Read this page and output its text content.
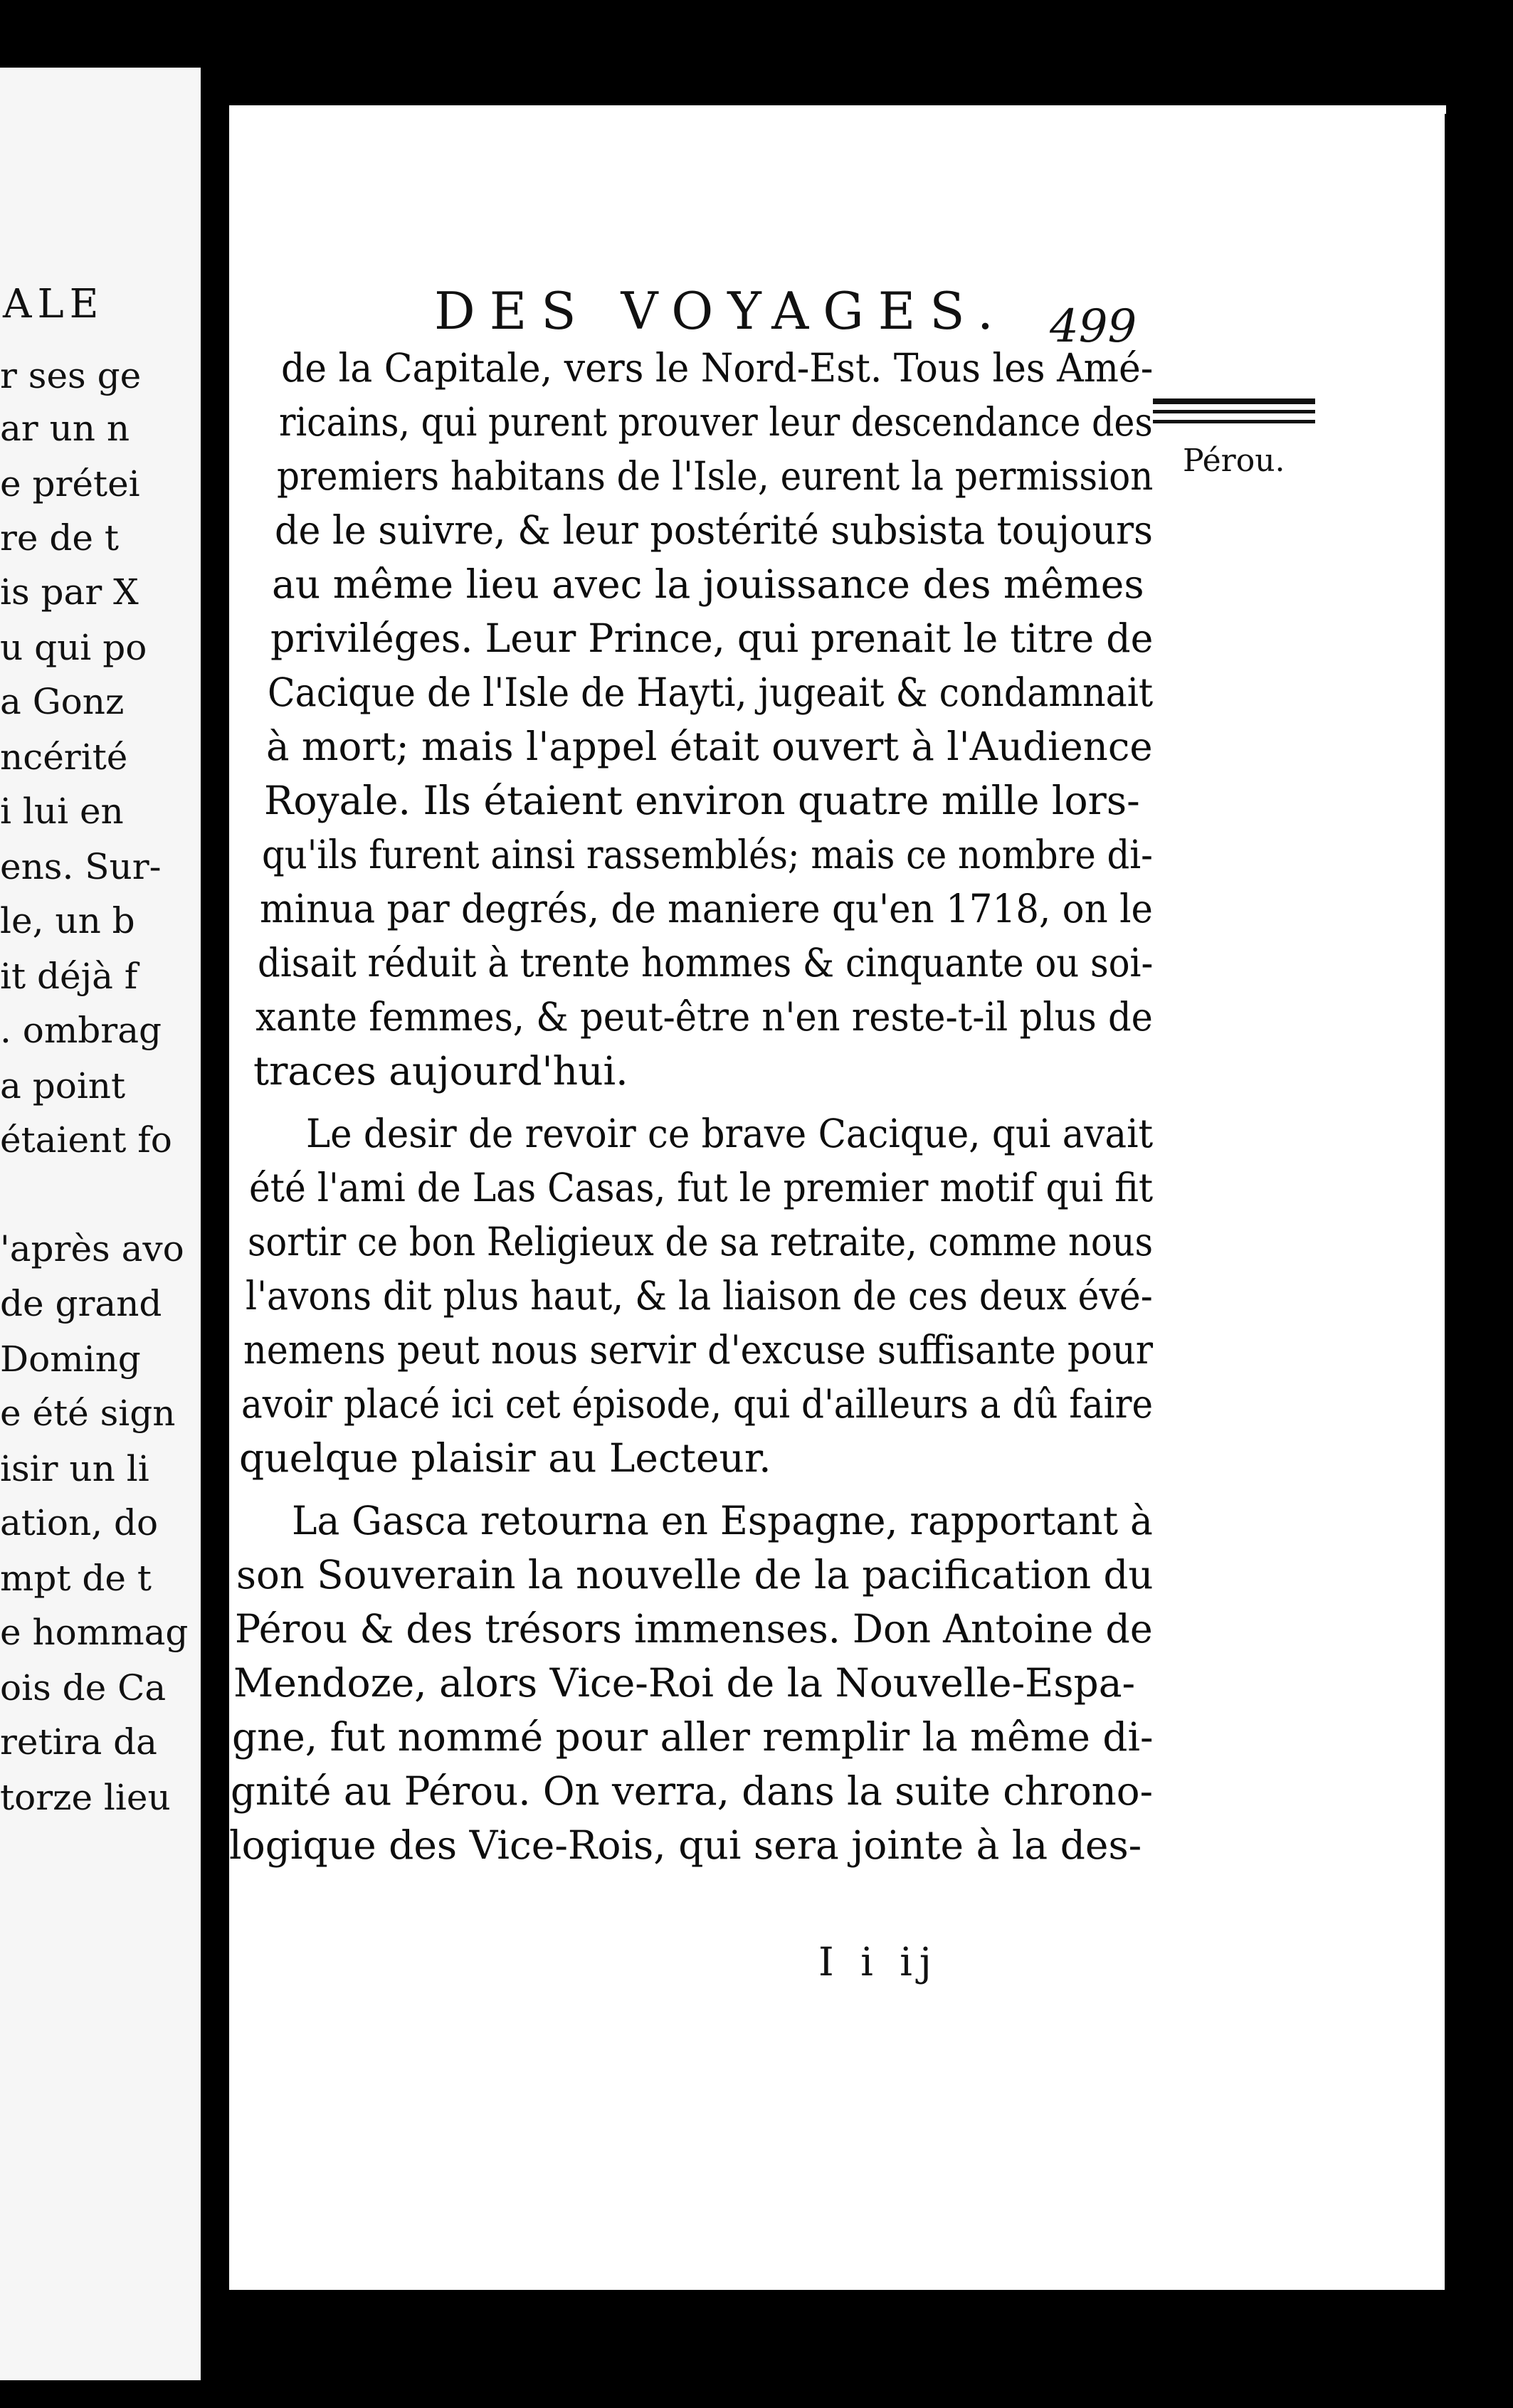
ALE
r ses ge
ar un n
e prétei
re de t
is par X
u qui po
a Gonz
ncérité
i lui en
ens. Sur-
le, un b
it déjà f
. ombrag
a point
étaient fo
'après avo
de grand
Doming
e été sign
isir un li
ation, do
mpt de t
e hommag
ois de Ca
retira da
torze lieu
DES VOYAGES. 499
Pérou.
de la Capitale, vers le Nord-Est. Tous les Amé-
ricains, qui purent prouver leur descendance des
premiers habitans de l'Isle, eurent la permission
de le suivre, & leur postérité subsista toujours
au même lieu avec la jouissance des mêmes
priviléges. Leur Prince, qui prenait le titre de
Cacique de l'Isle de Hayti, jugeait & condamnait
à mort; mais l'appel était ouvert à l'Audience
Royale. Ils étaient environ quatre mille lors-
qu'ils furent ainsi rassemblés; mais ce nombre di-
minua par degrés, de maniere qu'en 1718, on le
disait réduit à trente hommes & cinquante ou soi-
xante femmes, & peut-être n'en reste-t-il plus de
traces aujourd'hui.
Le desir de revoir ce brave Cacique, qui avait
été l'ami de Las Casas, fut le premier motif qui fit
sortir ce bon Religieux de sa retraite, comme nous
l'avons dit plus haut, & la liaison de ces deux évé-
nemens peut nous servir d'excuse suffisante pour
avoir placé ici cet épisode, qui d'ailleurs a dû faire
quelque plaisir au Lecteur.
La Gasca retourna en Espagne, rapportant à
son Souverain la nouvelle de la pacification du
Pérou & des trésors immenses. Don Antoine de
Mendoze, alors Vice-Roi de la Nouvelle-Espa-
gne, fut nommé pour aller remplir la même di-
gnité au Pérou. On verra, dans la suite chrono-
logique des Vice-Rois, qui sera jointe à la des-
I i ij
